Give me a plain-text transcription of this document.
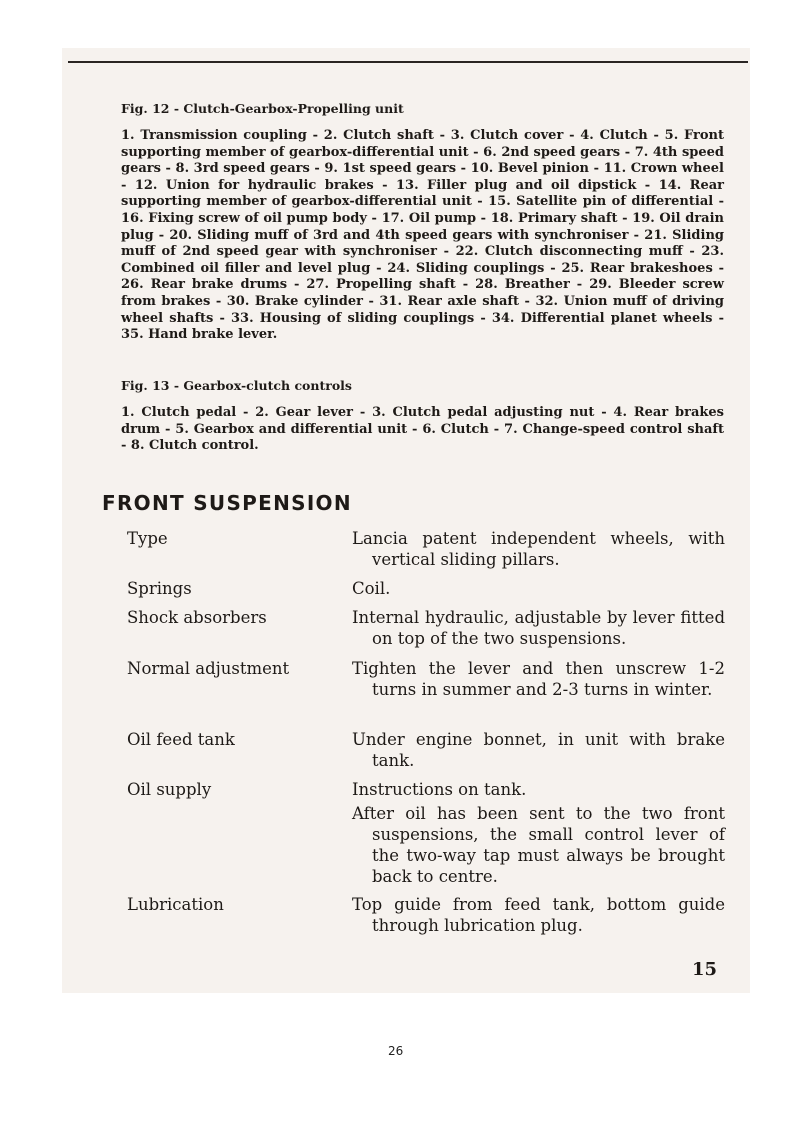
Fig. 12 - Clutch-Gearbox-Propelling unit
1. Transmission coupling - 2. Clutch shaft - 3. Clutch cover - 4. Clutch - 5. Front supporting member of gearbox-differential unit - 6. 2nd speed gears - 7. 4th speed gears - 8. 3rd speed gears - 9. 1st speed gears - 10. Bevel pinion - 11. Crown wheel - 12. Union for hydraulic brakes - 13. Filler plug and oil dipstick - 14. Rear supporting member of gearbox-differential unit - 15. Satellite pin of differential - 16. Fixing screw of oil pump body - 17. Oil pump - 18. Primary shaft - 19. Oil drain plug - 20. Sliding muff of 3rd and 4th speed gears with synchroniser - 21. Sliding muff of 2nd speed gear with synchroniser - 22. Clutch disconnecting muff - 23. Combined oil filler and level plug - 24. Sliding couplings - 25. Rear brakeshoes - 26. Rear brake drums - 27. Propelling shaft - 28. Breather - 29. Bleeder screw from brakes - 30. Brake cylinder - 31. Rear axle shaft - 32. Union muff of driving wheel shafts - 33. Housing of sliding couplings - 34. Differential planet wheels - 35. Hand brake lever.
Fig. 13 - Gearbox-clutch controls
1. Clutch pedal - 2. Gear lever - 3. Clutch pedal adjusting nut - 4. Rear brakes drum - 5. Gearbox and differential unit - 6. Clutch - 7. Change-speed control shaft - 8. Clutch control.
FRONT SUSPENSION
Type	Lancia patent independent wheels, with vertical sliding pillars.
Springs	Coil.
Shock absorbers	Internal hydraulic, adjustable by lever fitted on top of the two suspensions.
Normal adjustment	Tighten the lever and then unscrew 1-2 turns in summer and 2-3 turns in winter.
Oil feed tank	Under engine bonnet, in unit with brake tank.
Oil supply	Instructions on tank.
After oil has been sent to the two front suspensions, the small control lever of the two-way tap must always be brought back to centre.
Lubrication	Top guide from feed tank, bottom guide through lubrication plug.
15
26
